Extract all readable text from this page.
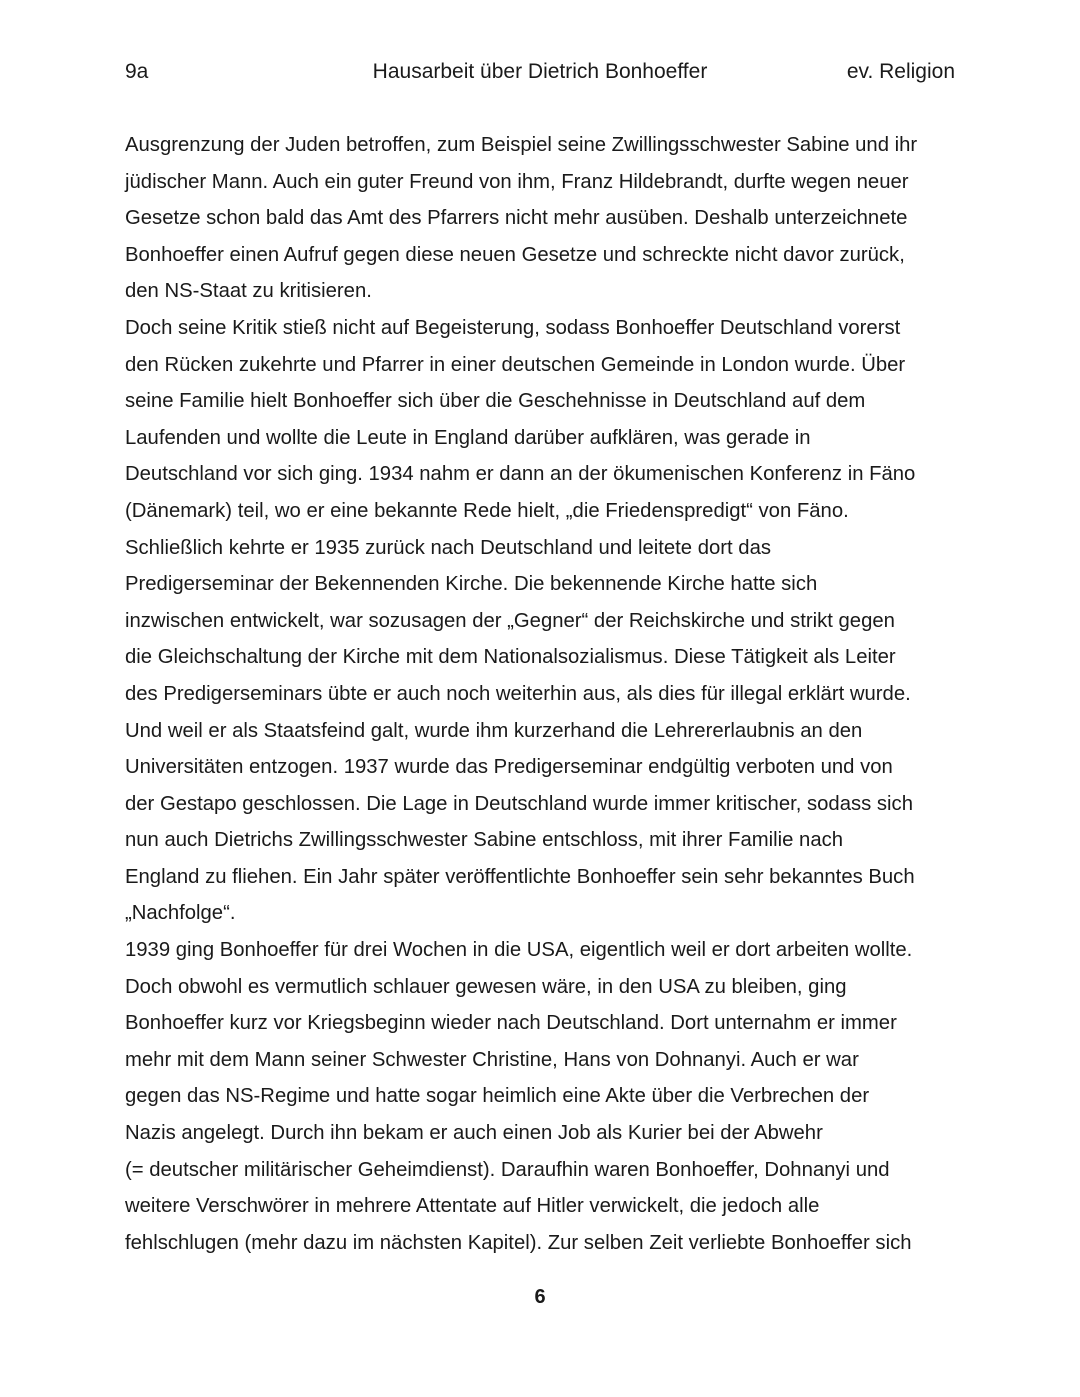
9a	Hausarbeit über Dietrich Bonhoeffer	ev. Religion
Ausgrenzung der Juden betroffen, zum Beispiel seine Zwillingsschwester Sabine und ihr
jüdischer Mann. Auch ein guter Freund von ihm, Franz Hildebrandt, durfte wegen neuer
Gesetze schon bald das Amt des Pfarrers nicht mehr ausüben. Deshalb unterzeichnete
Bonhoeffer einen Aufruf gegen diese neuen Gesetze und schreckte nicht davor zurück,
den NS-Staat zu kritisieren.
Doch seine Kritik stieß nicht auf Begeisterung, sodass Bonhoeffer Deutschland vorerst
den Rücken zukehrte und Pfarrer in einer deutschen Gemeinde in London wurde. Über
seine Familie hielt Bonhoeffer sich über die Geschehnisse in Deutschland auf dem
Laufenden und wollte die Leute in England darüber aufklären, was gerade in
Deutschland vor sich ging. 1934 nahm er dann an der ökumenischen Konferenz in Fäno
(Dänemark) teil, wo er eine bekannte Rede hielt, „die Friedenspredigt“ von Fäno.
Schließlich kehrte er 1935 zurück nach Deutschland und leitete dort das
Predigerseminar der Bekennenden Kirche. Die bekennende Kirche hatte sich
inzwischen entwickelt, war sozusagen der „Gegner“ der Reichskirche und strikt gegen
die Gleichschaltung der Kirche mit dem Nationalsozialismus. Diese Tätigkeit als Leiter
des Predigerseminars übte er auch noch weiterhin aus, als dies für illegal erklärt wurde.
Und weil er als Staatsfeind galt, wurde ihm kurzerhand die Lehrererlaubnis an den
Universitäten entzogen. 1937 wurde das Predigerseminar endgültig verboten und von
der Gestapo geschlossen. Die Lage in Deutschland wurde immer kritischer, sodass sich
nun auch Dietrichs Zwillingsschwester Sabine entschloss, mit ihrer Familie nach
England zu fliehen. Ein Jahr später veröffentlichte Bonhoeffer sein sehr bekanntes Buch
„Nachfolge“.
1939 ging Bonhoeffer für drei Wochen in die USA, eigentlich weil er dort arbeiten wollte.
Doch obwohl es vermutlich schlauer gewesen wäre, in den USA zu bleiben, ging
Bonhoeffer kurz vor Kriegsbeginn wieder nach Deutschland. Dort unternahm er immer
mehr mit dem Mann seiner Schwester Christine, Hans von Dohnanyi. Auch er war
gegen das NS-Regime und hatte sogar heimlich eine Akte über die Verbrechen der
Nazis angelegt. Durch ihn bekam er auch einen Job als Kurier bei der Abwehr
(= deutscher militärischer Geheimdienst). Daraufhin waren Bonhoeffer, Dohnanyi und
weitere Verschwörer in mehrere Attentate auf Hitler verwickelt, die jedoch alle
fehlschlugen (mehr dazu im nächsten Kapitel). Zur selben Zeit verliebte Bonhoeffer sich
6
